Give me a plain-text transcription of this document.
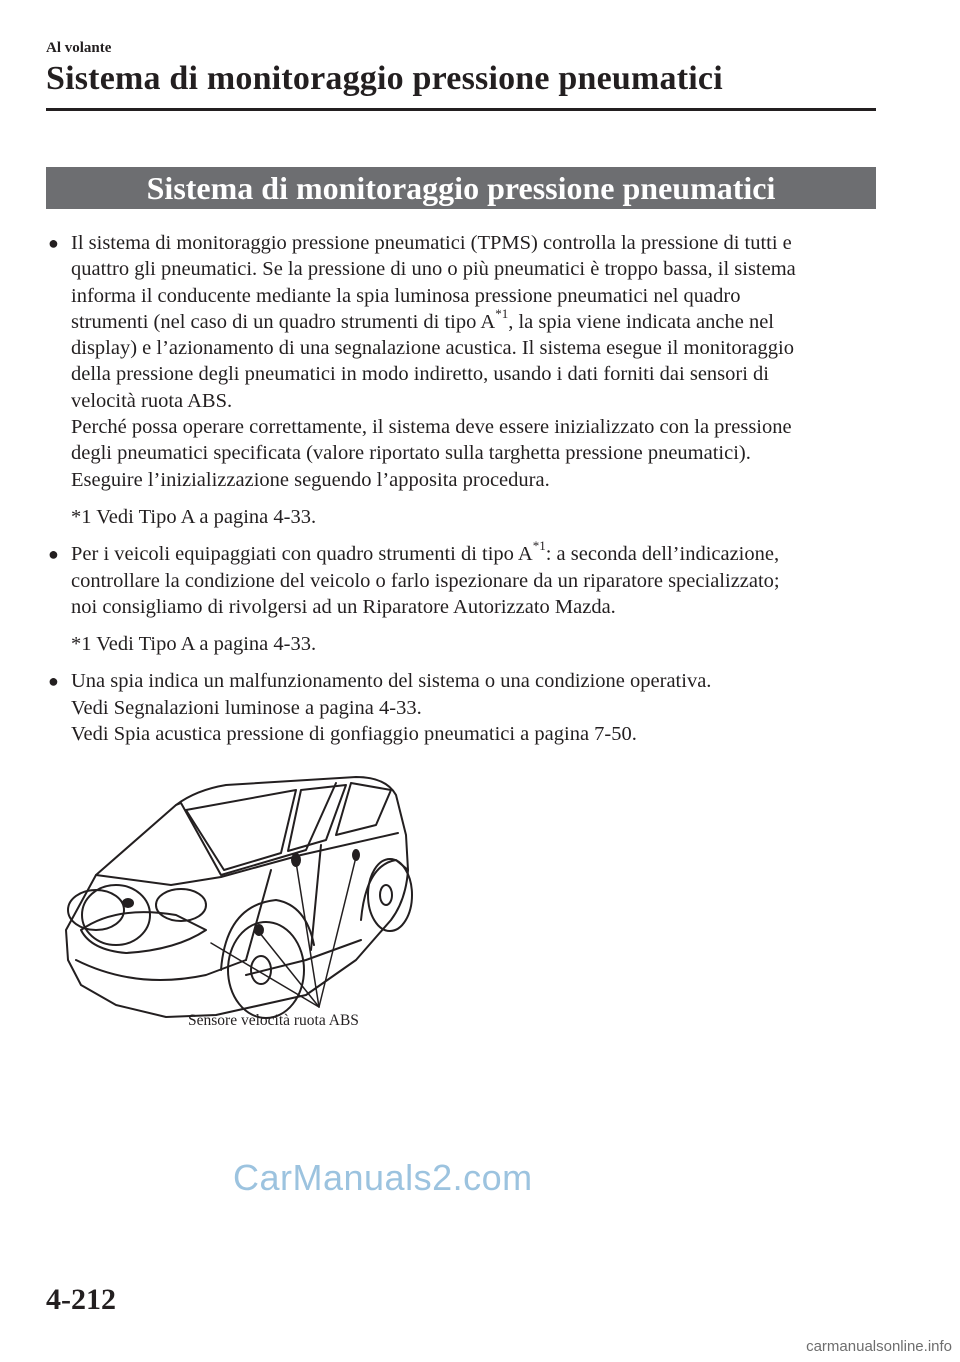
Al volante
Sistema di monitoraggio pressione pneumatici
Sistema di monitoraggio pressione pneumatici
● Il sistema di monitoraggio pressione pneumatici (TPMS) controlla la pressione di tutti e

quattro gli pneumatici. Se la pressione di uno o più pneumatici è troppo bassa, il sistema

informa il conducente mediante la spia luminosa pressione pneumatici nel quadro

strumenti (nel caso di un quadro strumenti di tipo $A^{*1}$, la spia viene indicata anche nel

display) e l’azionamento di una segnalazione acustica. Il sistema esegue il monitoraggio

della pressione degli pneumatici in modo indiretto, usando i dati forniti dai sensori di

velocità ruota ABS.

Perché possa operare correttamente, il sistema deve essere inizializzato con la pressione

degli pneumatici specificata (valore riportato sulla targhetta pressione pneumatici).

Eseguire l’inizializzazione seguendo l’apposita procedura.

*1 Vedi Tipo A a pagina 4-33.
● Per i veicoli equipaggiati con quadro strumenti di tipo $A^{*1}$: a seconda dell’indicazione,

controllare la condizione del veicolo o farlo ispezionare da un riparatore specializzato;

noi consigliamo di rivolgersi ad un Riparatore Autorizzato Mazda.

*1 Vedi Tipo A a pagina 4-33.
● Una spia indica un malfunzionamento del sistema o una condizione operativa.

Vedi Segnalazioni luminose a pagina 4-33.

Vedi Spia acustica pressione di gonfiaggio pneumatici a pagina 7-50.

Sensore velocità ruota ABS
CarManuals2.com
4-212
carmanualsonline.info
